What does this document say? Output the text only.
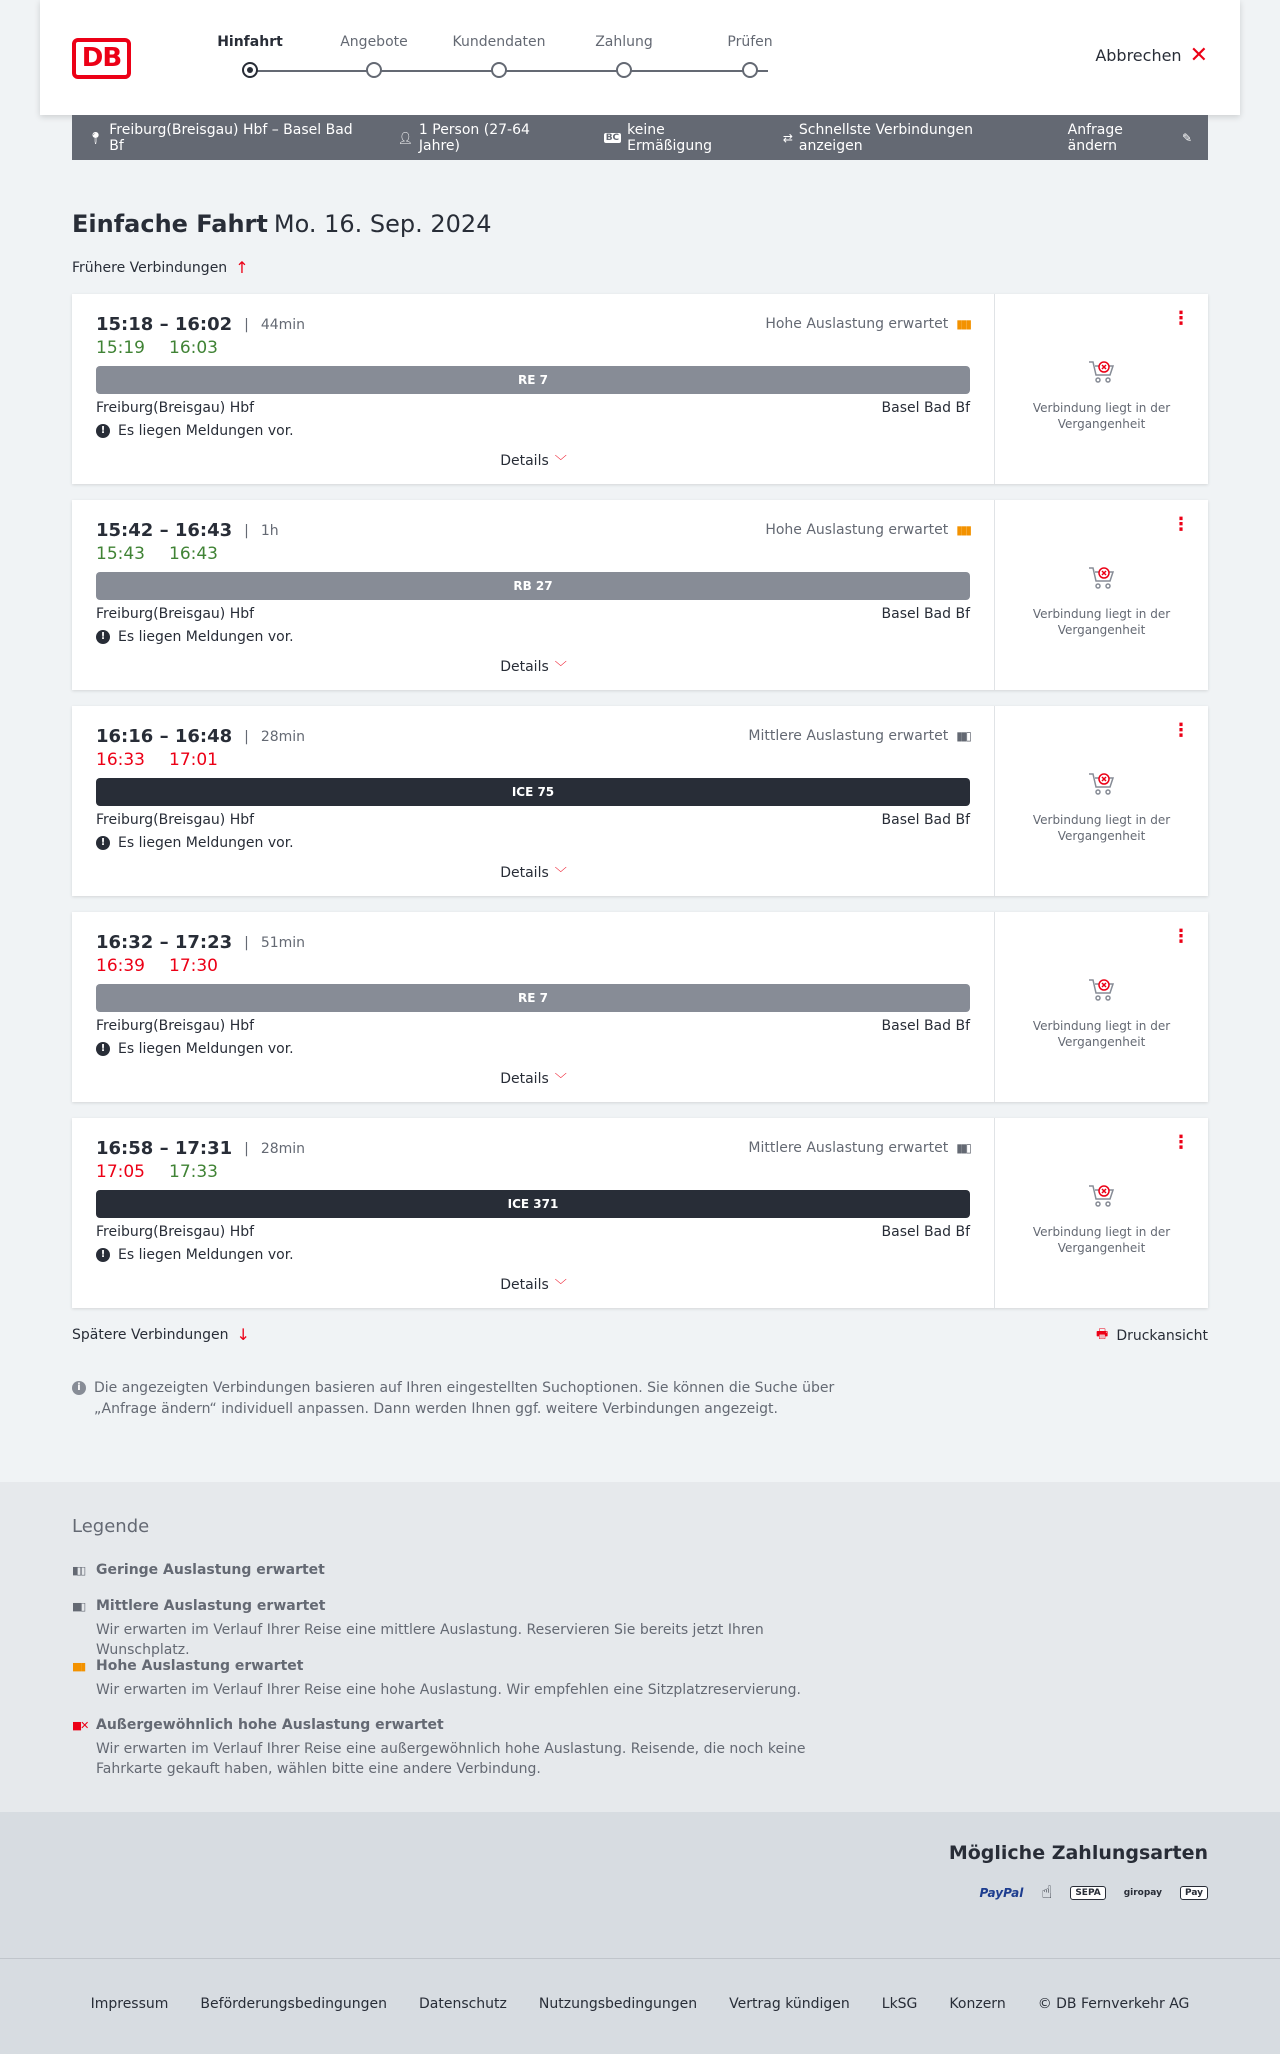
DB
Hinfahrt	Angebote	Kundendaten	Zahlung	Prüfen
Abbrechen ✕
📍︎ Freiburg(Breisgau) Hbf – Basel Bad Bf	👤︎ 1 Person (27-64 Jahre)	BC keine Ermäßigung	⇄ Schnellste Verbindungen anzeigen
Anfrage ändern	✎
Einfache Fahrt Mo. 16. Sep. 2024
Frühere Verbindungen ↑
15:18 – 16:02 | 44min
15:19 16:03
Hohe Auslastung erwartet ▮▮▮
RE 7
Freiburg(Breisgau) Hbf	Basel Bad Bf
! Es liegen Meldungen vor.
Details ﹀
⋮
Verbindung liegt in der Vergangenheit
15:42 – 16:43 | 1h
15:43 16:43
Hohe Auslastung erwartet ▮▮▮
RB 27
Freiburg(Breisgau) Hbf	Basel Bad Bf
! Es liegen Meldungen vor.
Details ﹀
⋮
Verbindung liegt in der Vergangenheit
16:16 – 16:48 | 28min
16:33 17:01
Mittlere Auslastung erwartet ▮▮▯
ICE 75
Freiburg(Breisgau) Hbf	Basel Bad Bf
! Es liegen Meldungen vor.
Details ﹀
⋮
Verbindung liegt in der Vergangenheit
16:32 – 17:23 | 51min
16:39 17:30
RE 7
Freiburg(Breisgau) Hbf	Basel Bad Bf
! Es liegen Meldungen vor.
Details ﹀
⋮
Verbindung liegt in der Vergangenheit
16:58 – 17:31 | 28min
17:05 17:33
Mittlere Auslastung erwartet ▮▮▯
ICE 371
Freiburg(Breisgau) Hbf	Basel Bad Bf
! Es liegen Meldungen vor.
Details ﹀
⋮
Verbindung liegt in der Vergangenheit
Spätere Verbindungen ↓	🖶︎ Druckansicht
i Die angezeigten Verbindungen basieren auf Ihren eingestellten Suchoptionen. Sie können die Suche über „Anfrage ändern“ individuell anpassen. Dann werden Ihnen ggf. weitere Verbindungen angezeigt.
Legende
▮▯▯ Geringe Auslastung erwartet
▮▮▯ Mittlere Auslastung erwartet
Wir erwarten im Verlauf Ihrer Reise eine mittlere Auslastung. Reservieren Sie bereits jetzt Ihren Wunschplatz.
▮▮▮ Hohe Auslastung erwartet
Wir erwarten im Verlauf Ihrer Reise eine hohe Auslastung. Wir empfehlen eine Sitzplatzreservierung.
▮▮✕ Außergewöhnlich hohe Auslastung erwartet
Wir erwarten im Verlauf Ihrer Reise eine außergewöhnlich hohe Auslastung. Reisende, die noch keine Fahrkarte gekauft haben, wählen bitte eine andere Verbindung.
Mögliche Zahlungsarten
PayPal ☝︎	SEPA	giropay	Pay
Impressum Beförderungsbedingungen Datenschutz Nutzungsbedingungen Vertrag kündigen LkSG Konzern © DB Fernverkehr AG
